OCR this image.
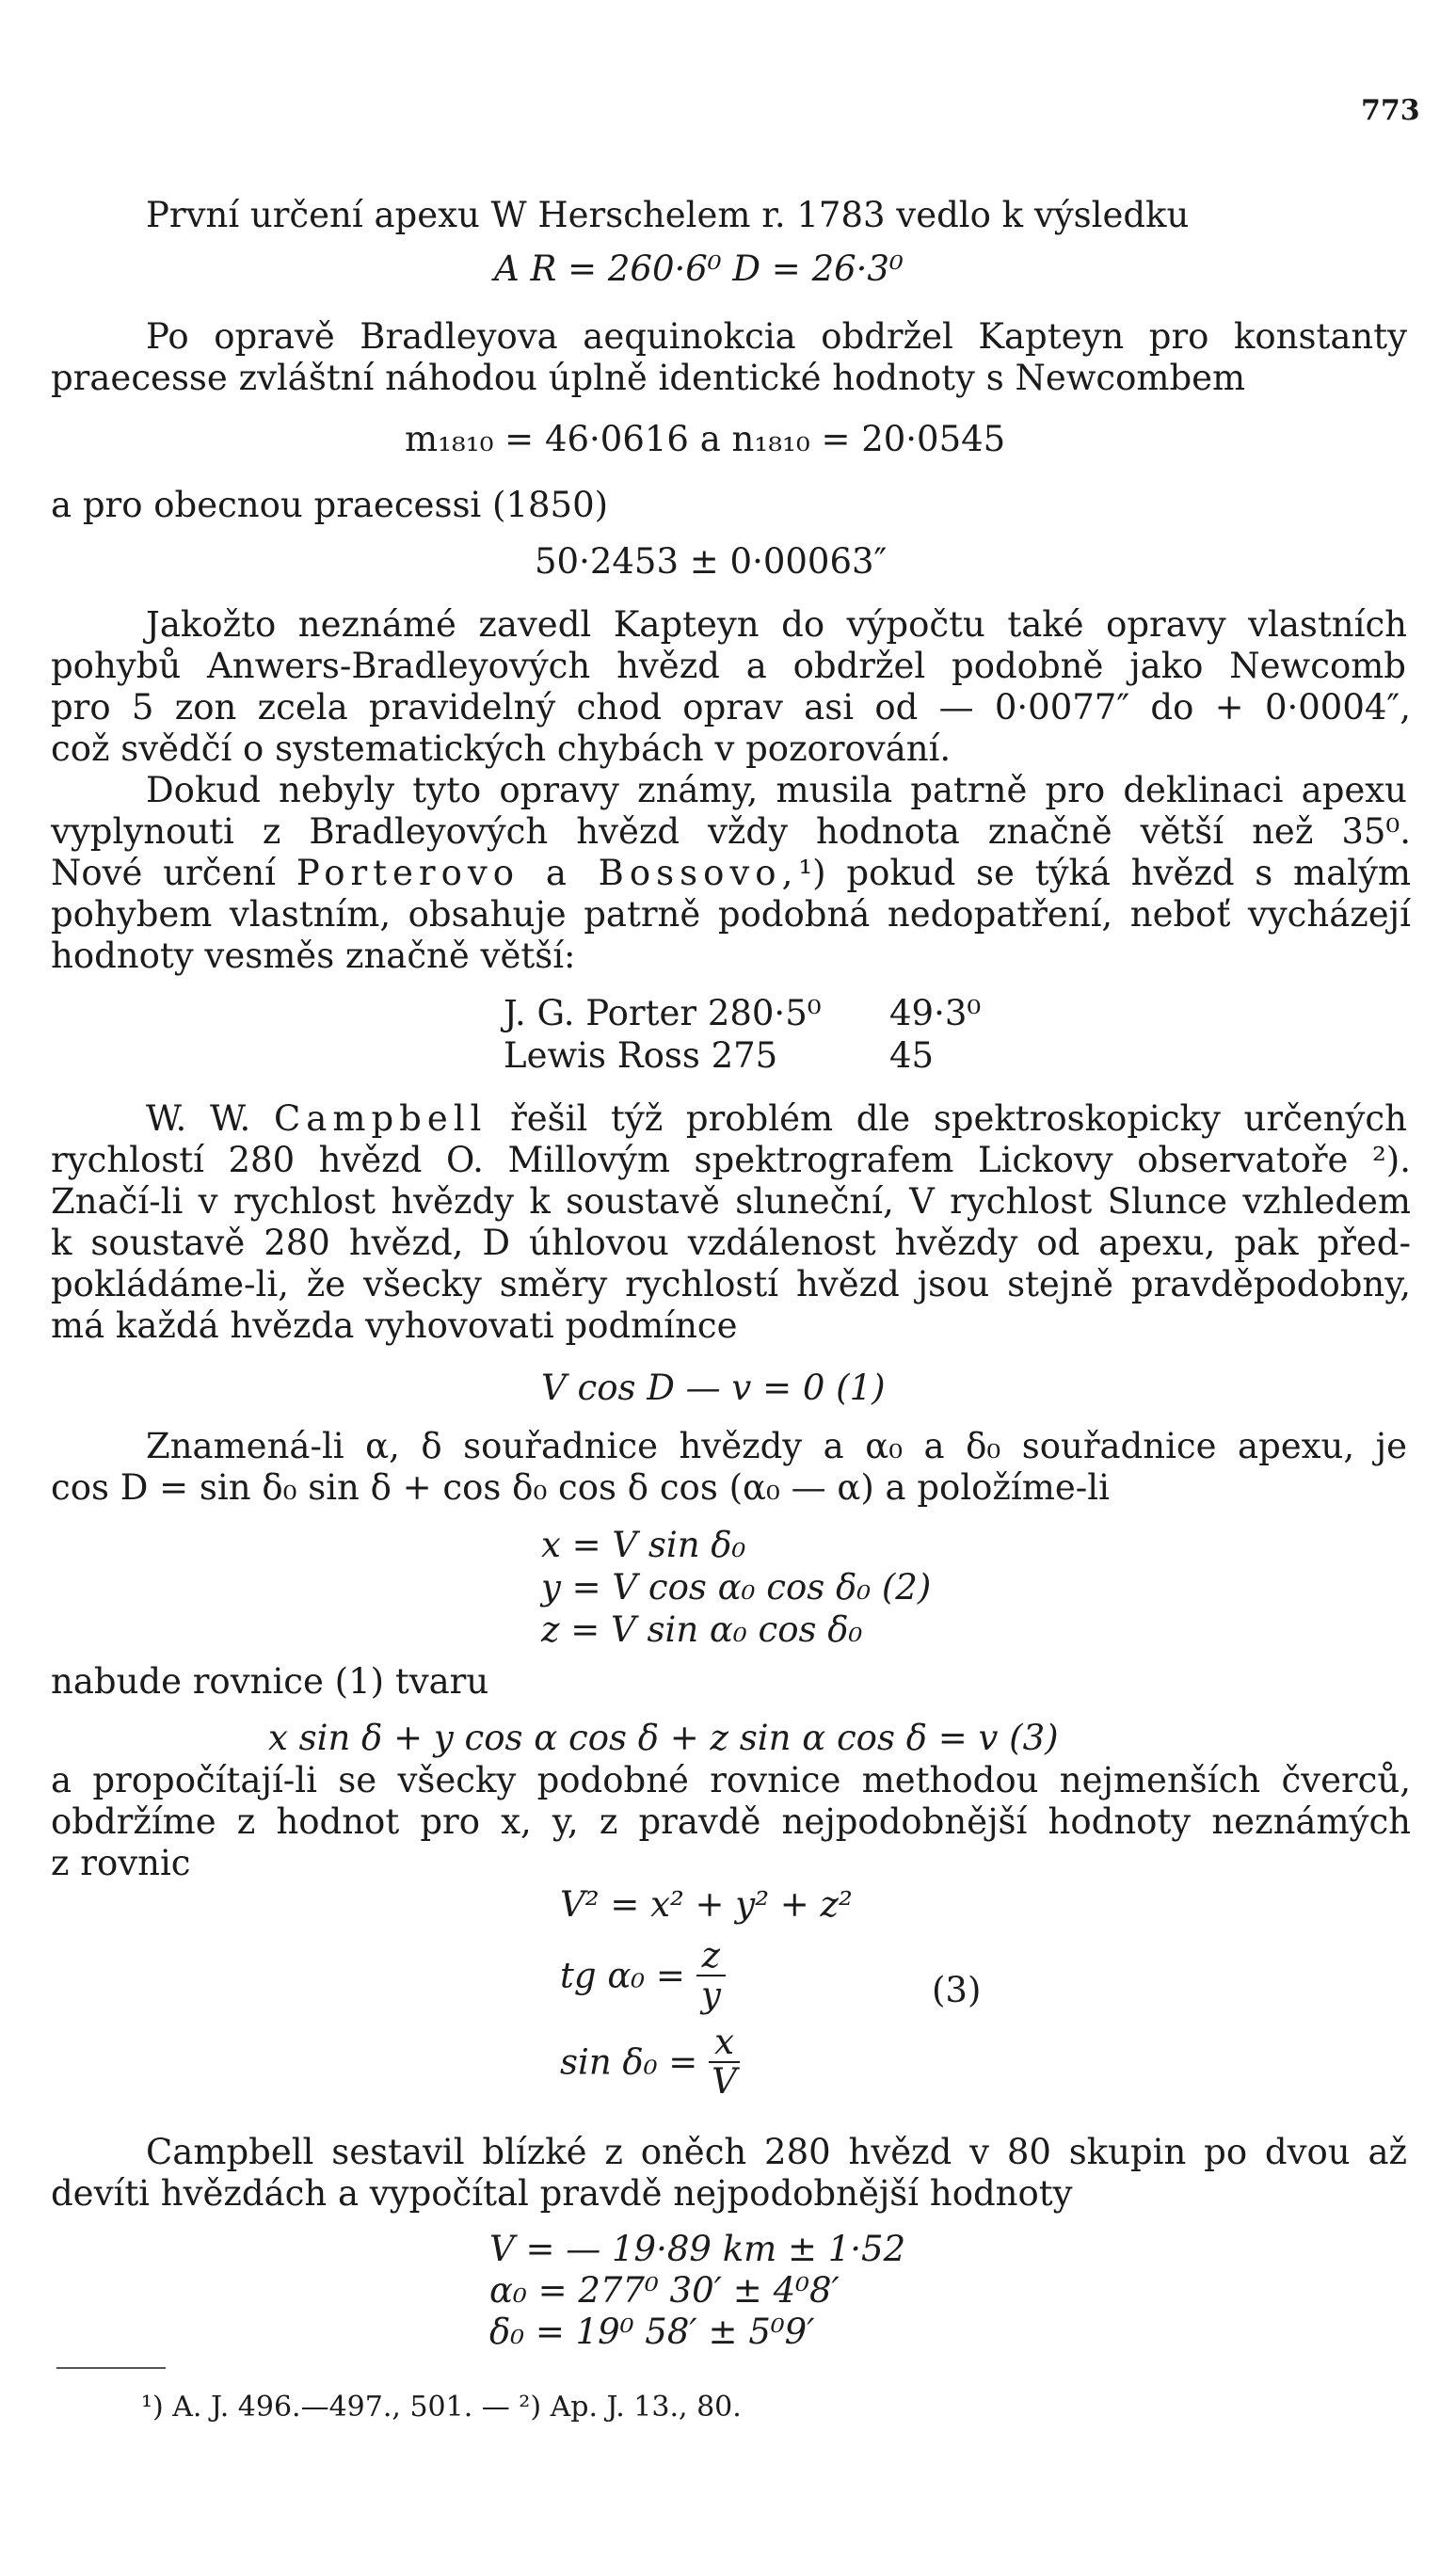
773
První určení apexu W Herschelem r. 1783 vedlo k výsledku
A R = 260·6⁰ D = 26·3⁰
Po opravě Bradleyova aequinokcia obdržel Kapteyn pro konstanty
praecesse zvláštní náhodou úplně identické hodnoty s Newcombem
m₁₈₁₀ = 46·0616 a n₁₈₁₀ = 20·0545
a pro obecnou praecessi (1850)
50·2453 ± 0·00063″
Jakožto neznámé zavedl Kapteyn do výpočtu také opravy vlastních
pohybů Anwers-Bradleyových hvězd a obdržel podobně jako Newcomb
pro 5 zon zcela pravidelný chod oprav asi od — 0·0077″ do + 0·0004″,
což svědčí o systematických chybách v pozorování.
Dokud nebyly tyto opravy známy, musila patrně pro deklinaci apexu
vyplynouti z Bradleyových hvězd vždy hodnota značně větší než 35⁰.
Nové určení Porterovo a Bossovo,¹) pokud se týká hvězd s malým
pohybem vlastním, obsahuje patrně podobná nedopatření, neboť vycházejí
hodnoty vesměs značně větší:
J. G. Porter 280·5⁰ 49·3⁰
Lewis Ross 275	45
W. W. Campbell řešil týž problém dle spektroskopicky určených
rychlostí 280 hvězd O. Millovým spektrografem Lickovy observatoře ²).
Značí-li v rychlost hvězdy k soustavě sluneční, V rychlost Slunce vzhledem
k soustavě 280 hvězd, D úhlovou vzdálenost hvězdy od apexu, pak před-
pokládáme-li, že všecky směry rychlostí hvězd jsou stejně pravděpodobny,
má každá hvězda vyhovovati podmínce
V cos D — v = 0 (1)
Znamená-li α, δ souřadnice hvězdy a α₀ a δ₀ souřadnice apexu, je
cos D = sin δ₀ sin δ + cos δ₀ cos δ cos (α₀ — α) a položíme-li
x = V sin δ₀
y = V cos α₀ cos δ₀ (2)
z = V sin α₀ cos δ₀
nabude rovnice (1) tvaru
x sin δ + y cos α cos δ + z sin α cos δ = v (3)
a propočítají-li se všecky podobné rovnice methodou nejmenších čverců,
obdržíme z hodnot pro x, y, z pravdě nejpodobnější hodnoty neznámých
z rovnic
V² = x² + y² + z²
tg $\alpha_0 = \frac{z}{y}$	(3)
$\sin \delta_0 = \frac{x}{V}$
Campbell sestavil blízké z oněch 280 hvězd v 80 skupin po dvou až
devíti hvězdách a vypočítal pravdě nejpodobnější hodnoty
V = — 19·89 km ± 1·52
α₀ = 277⁰ 30′ ± 4⁰8′
δ₀ = 19⁰ 58′ ± 5⁰9′
¹) A. J. 496.—497., 501. — ²) Ap. J. 13., 80.
